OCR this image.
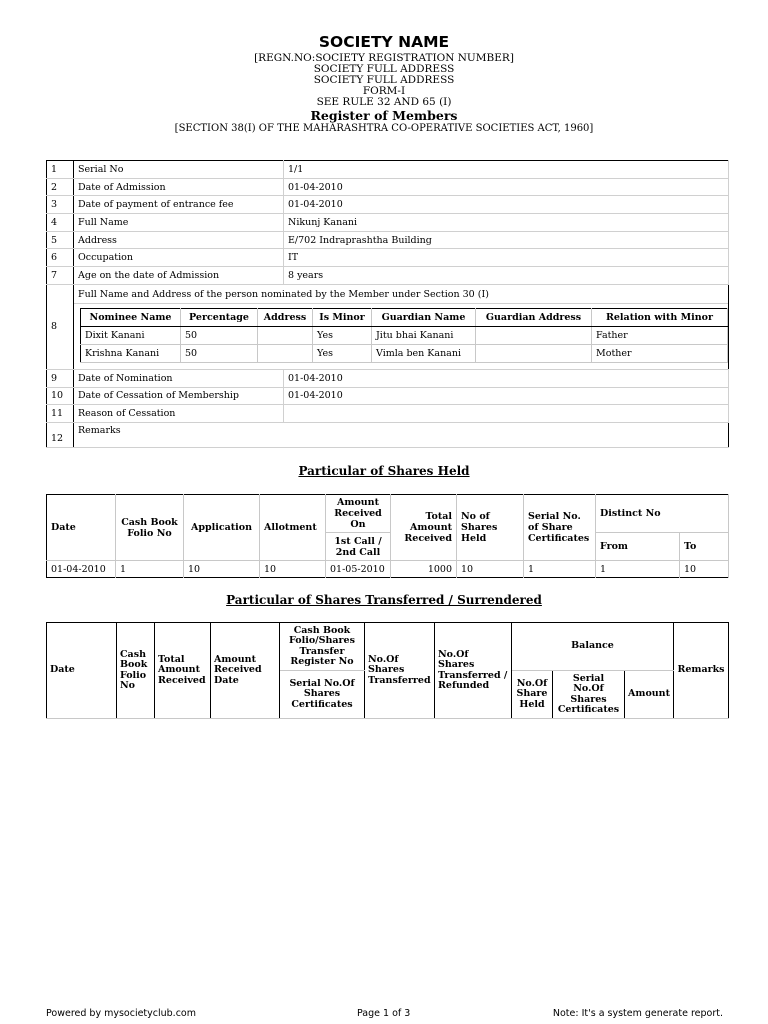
SOCIETY NAME
[REGN.NO:SOCIETY REGISTRATION NUMBER]
SOCIETY FULL ADDRESS
SOCIETY FULL ADDRESS
FORM-I
SEE RULE 32 AND 65 (I)
Register of Members
[SECTION 38(I) OF THE MAHARASHTRA CO-OPERATIVE SOCIETIES ACT, 1960]
1	Serial No	1/1
2	Date of Admission	01-04-2010
3	Date of payment of entrance fee	01-04-2010
4	Full Name	Nikunj Kanani
5	Address	E/702 Indraprashtha Building
6	Occupation	IT
7	Age on the date of Admission	8 years
8	
Full Name and Address of the person nominated by the Member under Section 30 (I)
Nominee Name	Percentage	Address	Is Minor	Guardian Name	Guardian Address	Relation with Minor
Dixit Kanani	50		Yes	Jitu bhai Kanani		Father
Krishna Kanani	50		Yes	Vimla ben Kanani		Mother

9	Date of Nomination	01-04-2010
10	Date of Cessation of Membership	01-04-2010
11	Reason of Cessation	
12	Remarks
Particular of Shares Held
Date	Cash Book Folio No	Application	Allotment	Amount Received On	Total Amount Received	No of Shares Held	Serial No. of Share Certificates	Distinct No	
				1st Call / 2nd Call				From	To
01-04-2010	1	10	10	01-05-2010	1000	10	1	1	10
Particular of Shares Transferred / Surrendered
Date	Cash Book Folio No	Total Amount Received	Amount Received Date	Cash Book Folio/Shares Transfer Register No	No.Of Shares Transferred	No.Of Shares Transferred / Refunded	Balance			Remarks
				Serial No.Of Shares Certificates			No.Of Share Held	Serial No.Of Shares Certificates	Amount	
Powered by mysocietyclub.com	Page 1 of 3	Note: It's a system generate report.
